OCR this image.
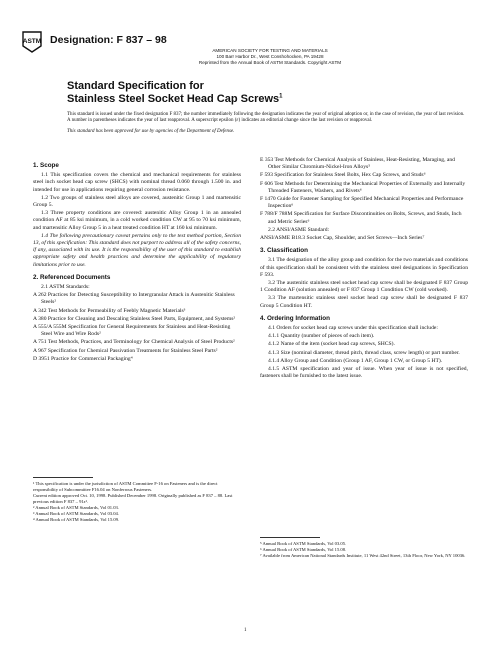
ASTM Designation: F 837 – 98
AMERICAN SOCIETY FOR TESTING AND MATERIALS
100 Barr Harbor Dr., West Conshohocken, PA 19428
Reprinted from the Annual Book of ASTM Standards. Copyright ASTM
Standard Specification for
Stainless Steel Socket Head Cap Screws$^1$

This standard is issued under the fixed designation F 837; the number immediately following the designation indicates the year of original adoption or, in the case of revision, the year of last revision. A number in parentheses indicates the year of last reapproval. A superscript epsilon (ε) indicates an editorial change since the last revision or reapproval.

This standard has been approved for use by agencies of the Department of Defense.

1. Scope

1.1 This specification covers the chemical and mechanical requirements for stainless steel inch socket head cap screw (SHCS) with nominal thread 0.060 through 1.500 in. and intended for use in applications requiring general corrosion resistance.

1.2 Two groups of stainless steel alloys are covered, austenitic Group 1 and martensitic Group 5.

1.3 Three property conditions are covered: austenitic Alloy Group 1 in an annealed condition AF at 85 ksi minimum, in a cold worked condition CW at 95 to 70 ksi minimum, and martensitic Alloy Group 5 in a heat treated condition HT at 160 ksi minimum.

1.4 The following precautionary caveat pertains only to the test method portion, Section 13, of this specification: This standard does not purport to address all of the safety concerns, if any, associated with its use. It is the responsibility of the user of this standard to establish appropriate safety and health practices and determine the applicability of regulatory limitations prior to use.

2. Referenced Documents

2.1 ASTM Standards:

A 262 Practices for Detecting Susceptibility to Intergranular Attack in Austenitic Stainless Steels²

A 342 Test Methods for Permeability of Feebly Magnetic Materials³

A 380 Practice for Cleaning and Descaling Stainless Steel Parts, Equipment, and Systems²

A 555/A 555M Specification for General Requirements for Stainless and Heat-Resisting Steel Wire and Wire Rods²

A 751 Test Methods, Practices, and Terminology for Chemical Analysis of Steel Products²

A 967 Specification for Chemical Passivation Treatments for Stainless Steel Parts²

D 3951 Practice for Commercial Packaging⁴

E 353 Test Methods for Chemical Analysis of Stainless, Heat-Resisting, Maraging, and Other Similar Chromium-Nickel-Iron Alloys⁵

F 593 Specification for Stainless Steel Bolts, Hex Cap Screws, and Studs⁶

F 606 Test Methods for Determining the Mechanical Properties of Externally and Internally Threaded Fasteners, Washers, and Rivets⁶

F 1470 Guide for Fastener Sampling for Specified Mechanical Properties and Performance Inspection⁶

F 788/F 788M Specification for Surface Discontinuities on Bolts, Screws, and Studs, Inch and Metric Series⁶

2.2 ANSI/ASME Standard:

ANSI/ASME B18.3 Socket Cap, Shoulder, and Set Screws—Inch Series⁷

3. Classification

3.1 The designation of the alloy group and condition for the two materials and conditions of this specification shall be consistent with the stainless steel designations in Specification F 593.

3.2 The austenitic stainless steel socket head cap screw shall be designated F 837 Group 1 Condition AF (solution annealed) or F 837 Group 1 Condition CW (cold worked).

3.3 The martensitic stainless steel socket head cap screw shall be designated F 837 Group 5 Condition HT.

4. Ordering Information

4.1 Orders for socket head cap screws under this specification shall include:

4.1.1 Quantity (number of pieces of each item).

4.1.2 Name of the item (socket head cap screws, SHCS).

4.1.3 Size (nominal diameter, thread pitch, thread class, screw length) or part number.

4.1.4 Alloy Group and Condition (Group 1 AF, Group 1 CW, or Group 5 HT).

4.1.5 ASTM specification and year of issue. When year of issue is not specified, fasteners shall be furnished to the latest issue.

¹ This specification is under the jurisdiction of ASTM Committee F-16 on Fasteners and is the direct responsibility of Subcommittee F16.04 on Nonferrous Fasteners.

Current edition approved Oct. 10, 1998. Published December 1998. Originally published as F 837 – 88. Last previous edition F 837 – 91ε¹.

² Annual Book of ASTM Standards, Vol 01.03.

³ Annual Book of ASTM Standards, Vol 03.04.

⁴ Annual Book of ASTM Standards, Vol 15.09.

⁵ Annual Book of ASTM Standards, Vol 03.05.

⁶ Annual Book of ASTM Standards, Vol 15.08.

⁷ Available from American National Standards Institute, 11 West 42nd Street, 13th Floor, New York, NY 10036.

1
